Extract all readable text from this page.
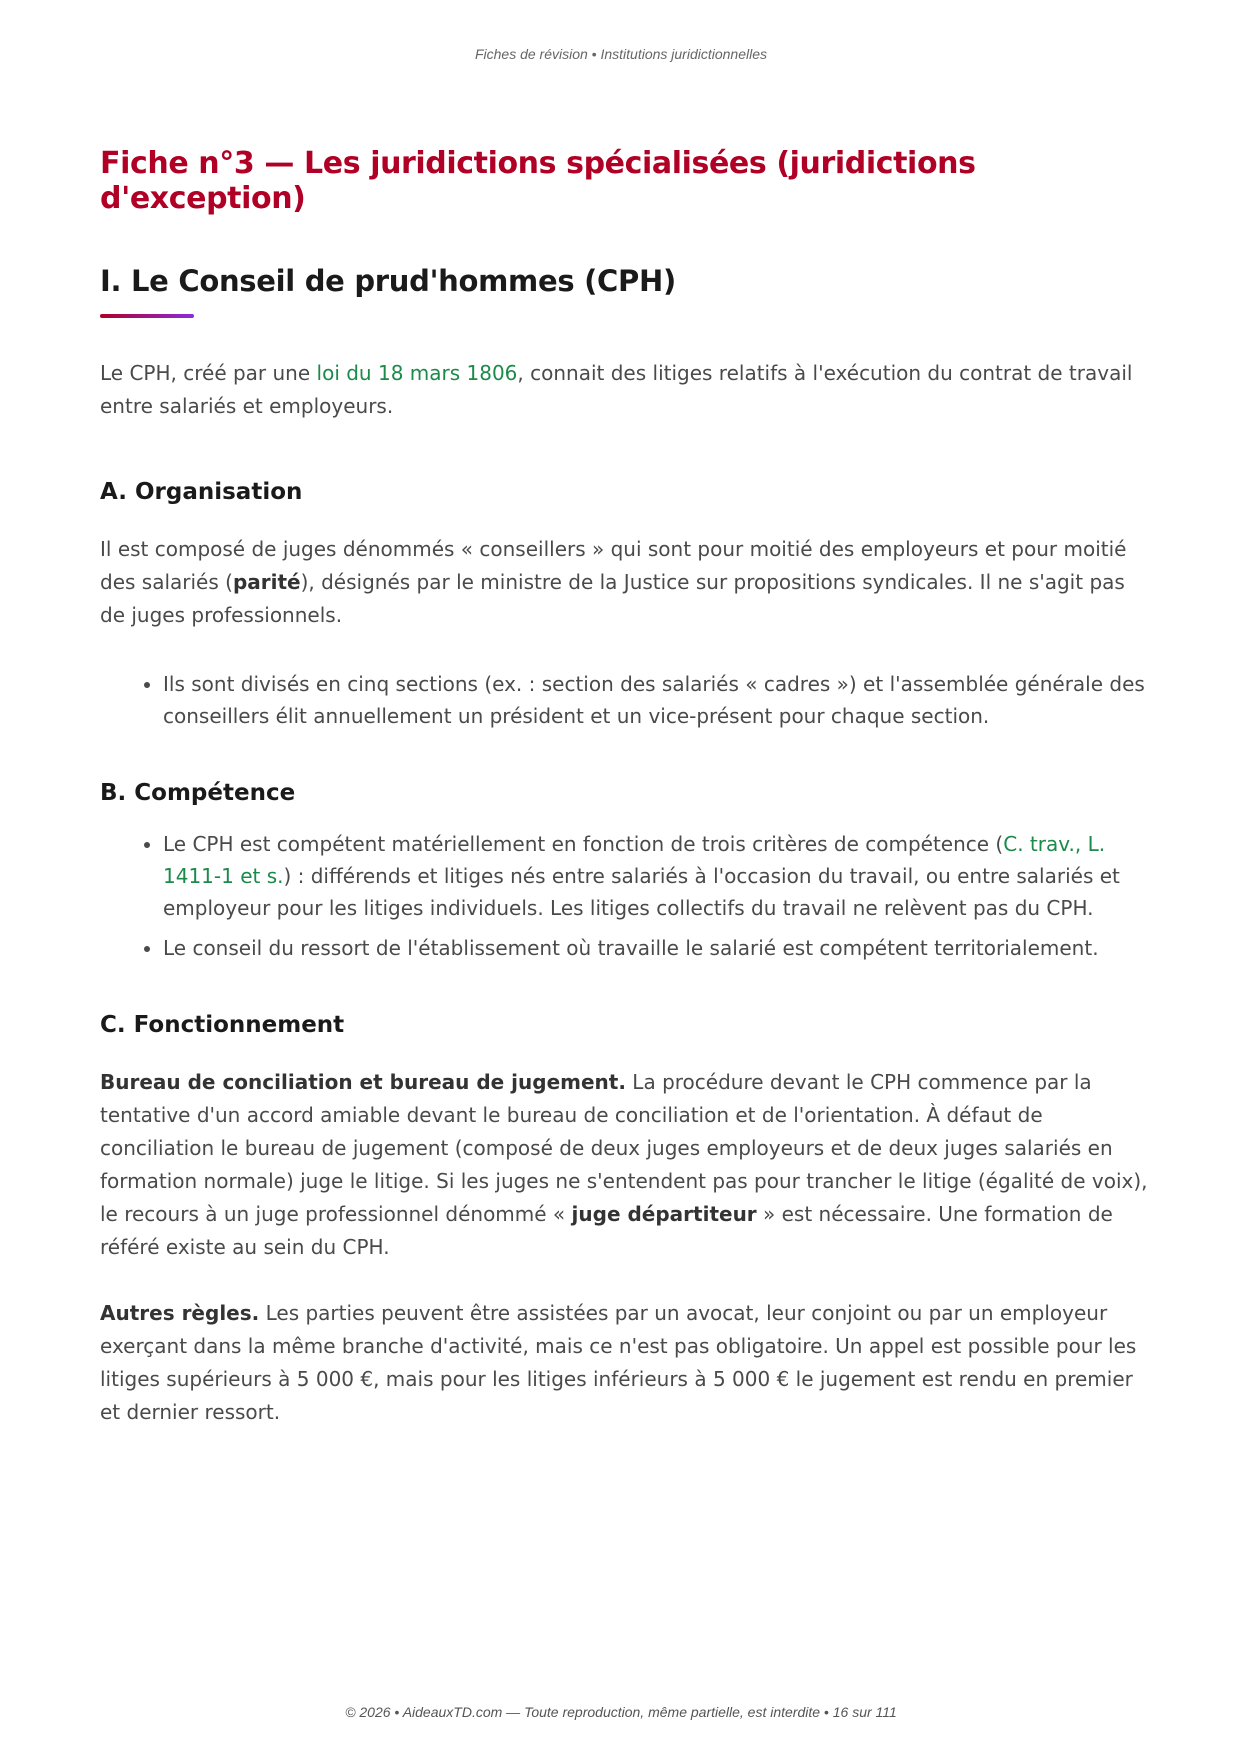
Fiches de révision • Institutions juridictionnelles
Fiche n°3 — Les juridictions spécialisées (juridictions d'exception)
I. Le Conseil de prud'hommes (CPH)

Le CPH, créé par une loi du 18 mars 1806, connait des litiges relatifs à l'exécution du contrat de travail entre salariés et employeurs.

A. Organisation

Il est composé de juges dénommés « conseillers » qui sont pour moitié des employeurs et pour moitié des salariés (parité), désignés par le ministre de la Justice sur propositions syndicales. Il ne s'agit pas de juges professionnels.

• Ils sont divisés en cinq sections (ex. : section des salariés « cadres ») et l'assemblée générale des conseillers élit annuellement un président et un vice-présent pour chaque section.
B. Compétence
• Le CPH est compétent matériellement en fonction de trois critères de compétence (C. trav., L. 1411-1 et s.) : différends et litiges nés entre salariés à l'occasion du travail, ou entre salariés et employeur pour les litiges individuels. Les litiges collectifs du travail ne relèvent pas du CPH.
• Le conseil du ressort de l'établissement où travaille le salarié est compétent territorialement.
C. Fonctionnement

Bureau de conciliation et bureau de jugement. La procédure devant le CPH commence par la tentative d'un accord amiable devant le bureau de conciliation et de l'orientation. À défaut de conciliation le bureau de jugement (composé de deux juges employeurs et de deux juges salariés en formation normale) juge le litige. Si les juges ne s'entendent pas pour trancher le litige (égalité de voix), le recours à un juge professionnel dénommé « juge départiteur » est nécessaire. Une formation de référé existe au sein du CPH.

Autres règles. Les parties peuvent être assistées par un avocat, leur conjoint ou par un employeur exerçant dans la même branche d'activité, mais ce n'est pas obligatoire. Un appel est possible pour les litiges supérieurs à 5 000 €, mais pour les litiges inférieurs à 5 000 € le jugement est rendu en premier et dernier ressort.

© 2026 • AideauxTD.com — Toute reproduction, même partielle, est interdite • 16 sur 111
